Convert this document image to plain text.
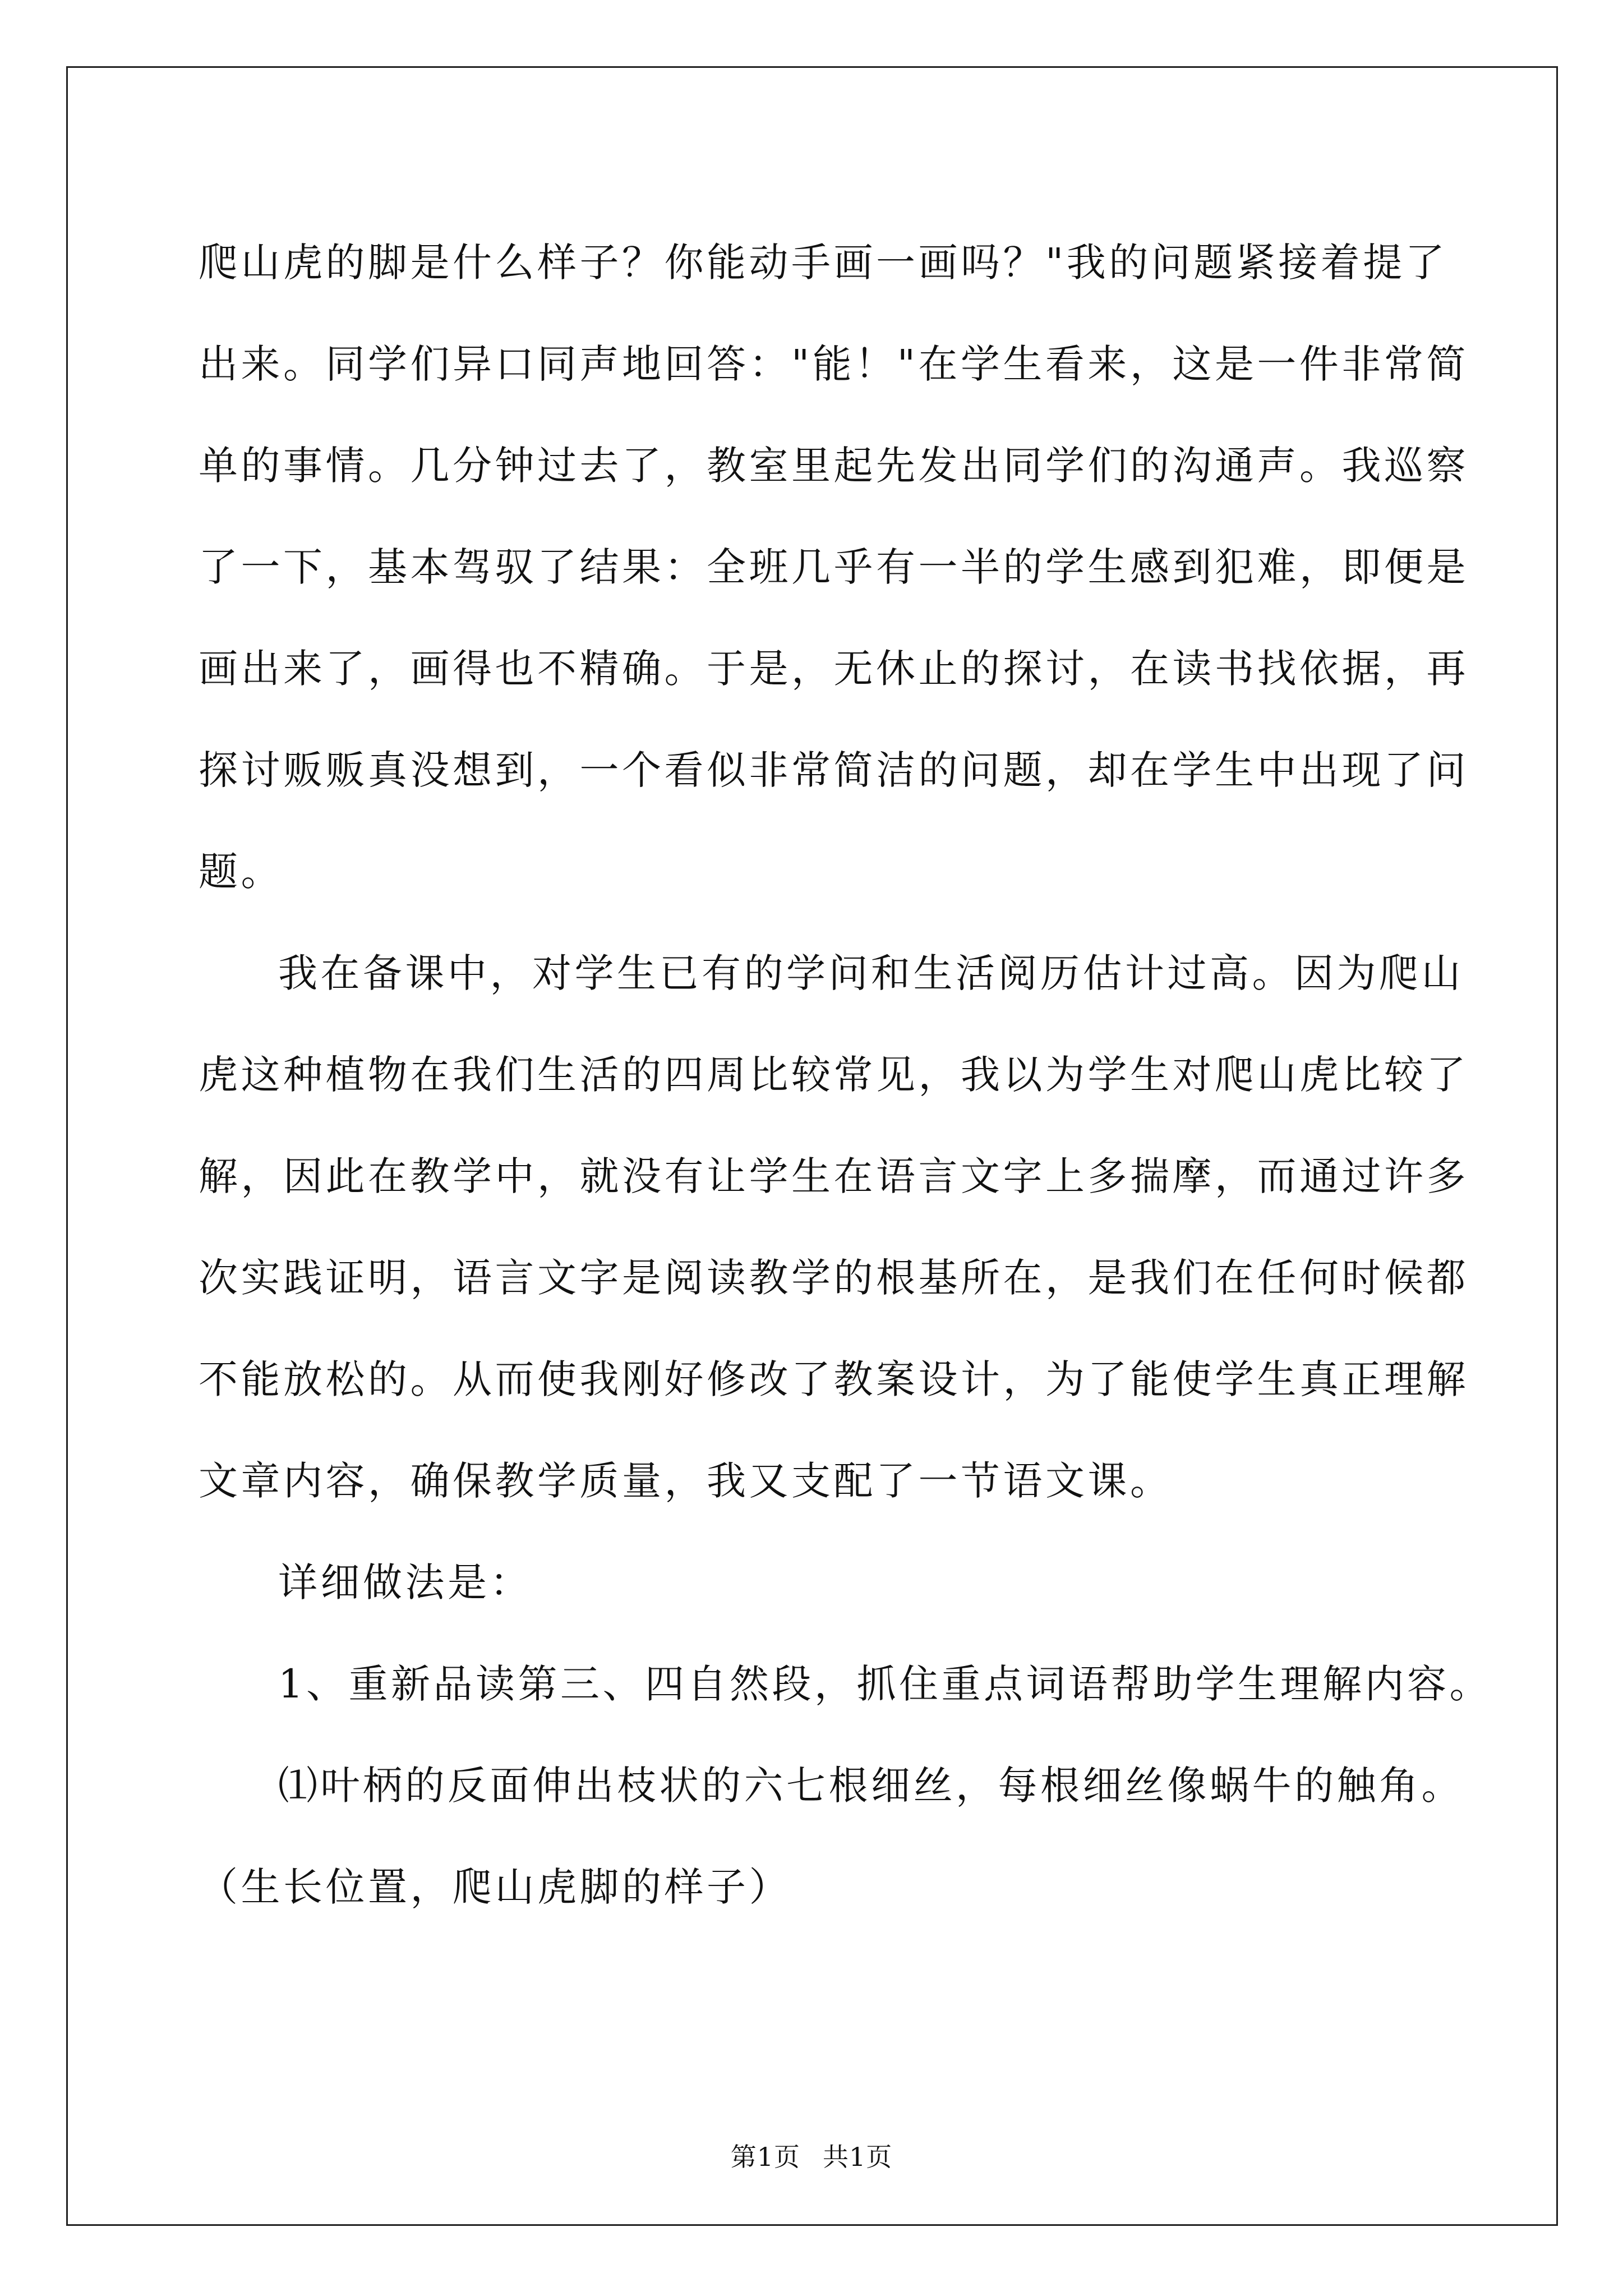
爬山虎的脚是什么样子？你能动手画一画吗？"我的问题紧接着提了
出来。同学们异口同声地回答："能！"在学生看来，这是一件非常简
单的事情。几分钟过去了，教室里起先发出同学们的沟通声。我巡察
了一下，基本驾驭了结果：全班几乎有一半的学生感到犯难，即便是
画出来了，画得也不精确。于是，无休止的探讨，在读书找依据，再
探讨贩贩真没想到，一个看似非常简洁的问题，却在学生中出现了问
题。
我在备课中，对学生已有的学问和生活阅历估计过高。因为爬山
虎这种植物在我们生活的四周比较常见，我以为学生对爬山虎比较了
解，因此在教学中，就没有让学生在语言文字上多揣摩，而通过许多
次实践证明，语言文字是阅读教学的根基所在，是我们在任何时候都
不能放松的。从而使我刚好修改了教案设计，为了能使学生真正理解
文章内容，确保教学质量，我又支配了一节语文课。
详细做法是：
1、重新品读第三、四自然段，抓住重点词语帮助学生理解内容。
⑴叶柄的反面伸出枝状的六七根细丝，每根细丝像蜗牛的触角。
（生长位置，爬山虎脚的样子）
第1页 共1页
